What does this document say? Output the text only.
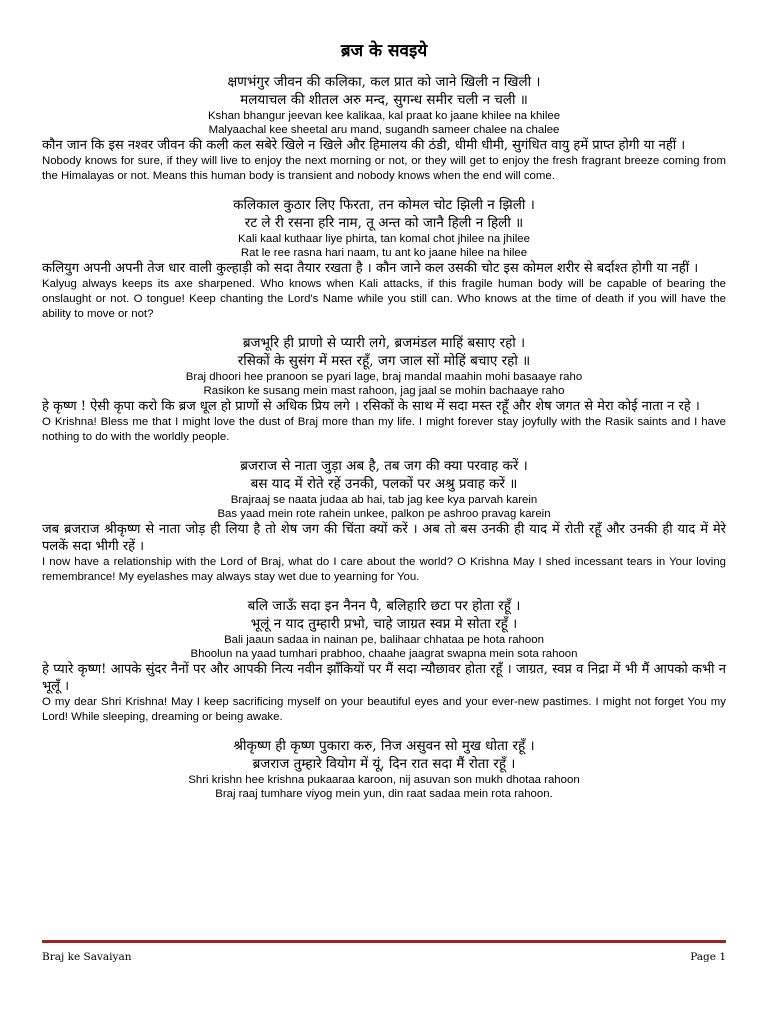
ब्रज के सवइये
क्षणभंगुर जीवन की कलिका, कल प्रात को जाने खिली न खिली ।
मलयाचल की शीतल अरु मन्द, सुगन्ध समीर चली न चली ॥
Kshan bhangur jeevan kee kalikaa, kal praat ko jaane khilee na khilee
Malyaachal kee sheetal aru mand, sugandh sameer chalee na chalee
कौन जान कि इस नश्वर जीवन की कली कल सबेरे खिले न खिले और हिमालय की ठंडी, धीमी धीमी, सुगंधित वायु हमें प्राप्त होगी या नहीं ।
Nobody knows for sure, if they will live to enjoy the next morning or not, or they will get to enjoy the fresh fragrant breeze coming from the Himalayas or not. Means this human body is transient and nobody knows when the end will come.
कलिकाल कुठार लिए फिरता, तन कोमल चोट झिली न झिली ।
रट ले री रसना हरि नाम, तू अन्त को जानै हिली न हिली ॥
Kali kaal kuthaar liye phirta, tan komal chot jhilee na jhilee
Rat le ree rasna hari naam, tu ant ko jaane hilee na hilee
कलियुग अपनी अपनी तेज धार वाली कुल्हाड़ी को सदा तैयार रखता है । कौन जाने कल उसकी चोट इस कोमल शरीर से बर्दाश्त होगी या नहीं ।
Kalyug always keeps its axe sharpened. Who knows when Kali attacks, if this fragile human body will be capable of bearing the onslaught or not. O tongue! Keep chanting the Lord's Name while you still can. Who knows at the time of death if you will have the ability to move or not?
ब्रजभूरि ही प्राणो से प्यारी लगे, ब्रजमंडल माहिं बसाए रहो ।
रसिकों के सुसंग में मस्त रहूँ, जग जाल सों मोहिं बचाए रहो ॥
Braj dhoori hee pranoon se pyari lage, braj mandal maahin mohi basaaye raho
Rasikon ke susang mein mast rahoon, jag jaal se mohin bachaaye raho
हे कृष्ण ! ऐसी कृपा करो कि ब्रज धूल हो प्राणों से अधिक प्रिय लगे । रसिकों के साथ में सदा मस्त रहूँ और शेष जगत से मेरा कोई नाता न रहे ।
O Krishna! Bless me that I might love the dust of Braj more than my life. I might forever stay joyfully with the Rasik saints and I have nothing to do with the worldly people.
ब्रजराज से नाता जुड़ा अब है, तब जग की क्या परवाह करें ।
बस याद में रोते रहें उनकी, पलकों पर अश्रु प्रवाह करें ॥
Brajraaj se naata judaa ab hai, tab jag kee kya parvah karein
Bas yaad mein rote rahein unkee, palkon pe ashroo pravag karein
जब ब्रजराज श्रीकृष्ण से नाता जोड़ ही लिया है तो शेष जग की चिंता क्यों करें । अब तो बस उनकी ही याद में रोती रहूँ और उनकी ही याद में मेरे पलकें सदा भीगी रहें ।
I now have a relationship with the Lord of Braj, what do I care about the world? O Krishna May I shed incessant tears in Your loving remembrance! My eyelashes may always stay wet due to yearning for You.
बलि जाऊँ सदा इन नैनन पै, बलिहारि छटा पर होता रहूँ ।
भूलूं न याद तुम्हारी प्रभो, चाहे जाग्रत स्वप्न मे सोता रहूँ ।
Bali jaaun sadaa in nainan pe, balihaar chhataa pe hota rahoon
Bhoolun na yaad tumhari prabhoo, chaahe jaagrat swapna mein sota rahoon
हे प्यारे कृष्ण! आपके सुंदर नैनों पर और आपकी नित्य नवीन झाँकियों पर मैं सदा न्यौछावर होता रहूँ । जाग्रत, स्वप्न व निद्रा में भी मैं आपको कभी न भूलूँ ।
O my dear Shri Krishna! May I keep sacrificing myself on your beautiful eyes and your ever-new pastimes. I might not forget You my Lord! While sleeping, dreaming or being awake.
श्रीकृष्ण ही कृष्ण पुकारा करु, निज असुवन सो मुख धोता रहूँ ।
ब्रजराज तुम्हारे वियोग में यूं, दिन रात सदा मैं रोता रहूँ ।
Shri krishn hee krishna pukaaraa karoon, nij asuvan son mukh dhotaa rahoon
Braj raaj tumhare viyog mein yun, din raat sadaa mein rota rahoon.
Braj ke Savaiyan	Page 1
